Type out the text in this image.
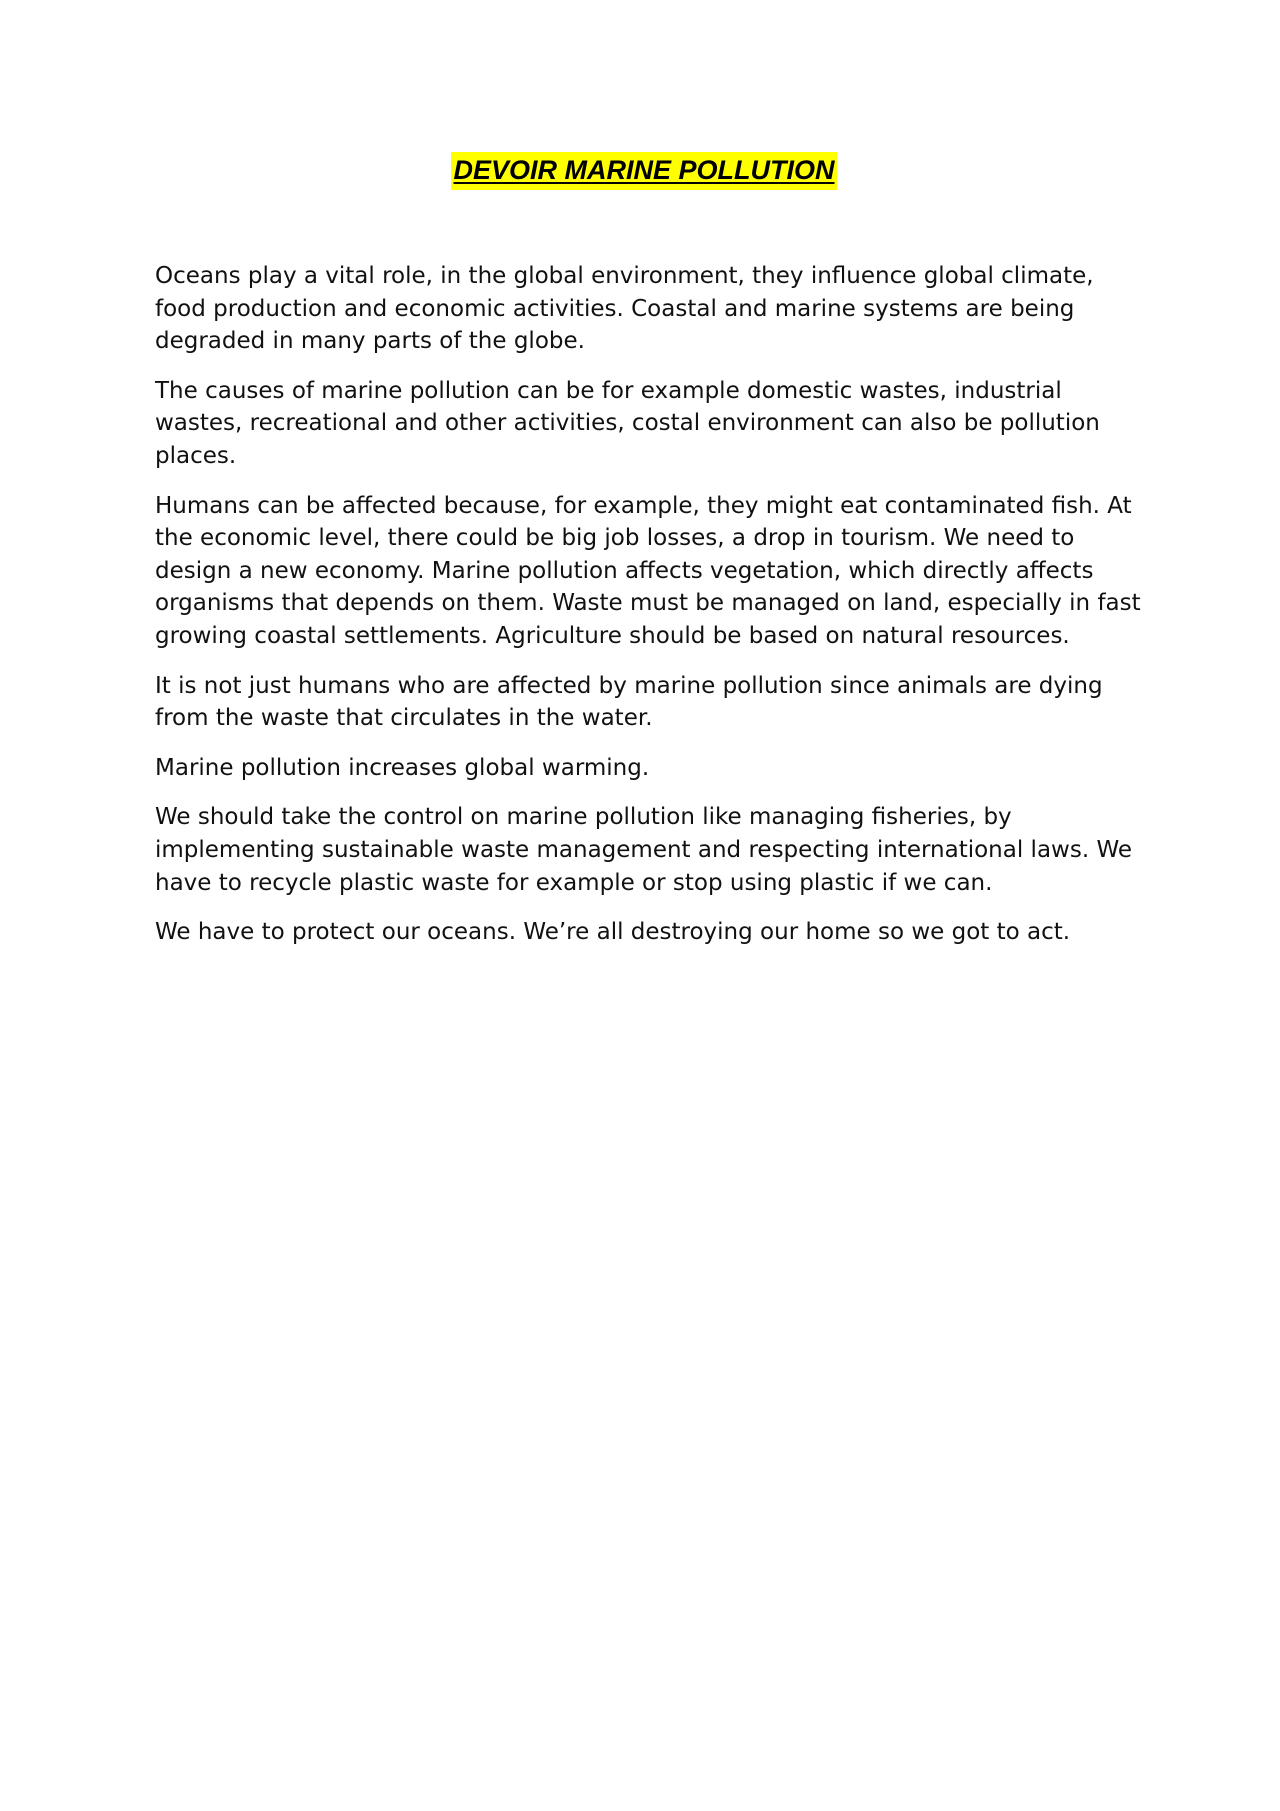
DEVOIR MARINE POLLUTION

Oceans play a vital role, in the global environment, they influence global climate, food production and economic activities. Coastal and marine systems are being degraded in many parts of the globe.

The causes of marine pollution can be for example domestic wastes, industrial wastes, recreational and other activities, costal environment can also be pollution places.

Humans can be affected because, for example, they might eat contaminated fish. At the economic level, there could be big job losses, a drop in tourism. We need to design a new economy. Marine pollution affects vegetation, which directly affects organisms that depends on them. Waste must be managed on land, especially in fast growing coastal settlements. Agriculture should be based on natural resources.

It is not just humans who are affected by marine pollution since animals are dying from the waste that circulates in the water.

Marine pollution increases global warming.

We should take the control on marine pollution like managing fisheries, by implementing sustainable waste management and respecting international laws. We have to recycle plastic waste for example or stop using plastic if we can.

We have to protect our oceans. We’re all destroying our home so we got to act.
